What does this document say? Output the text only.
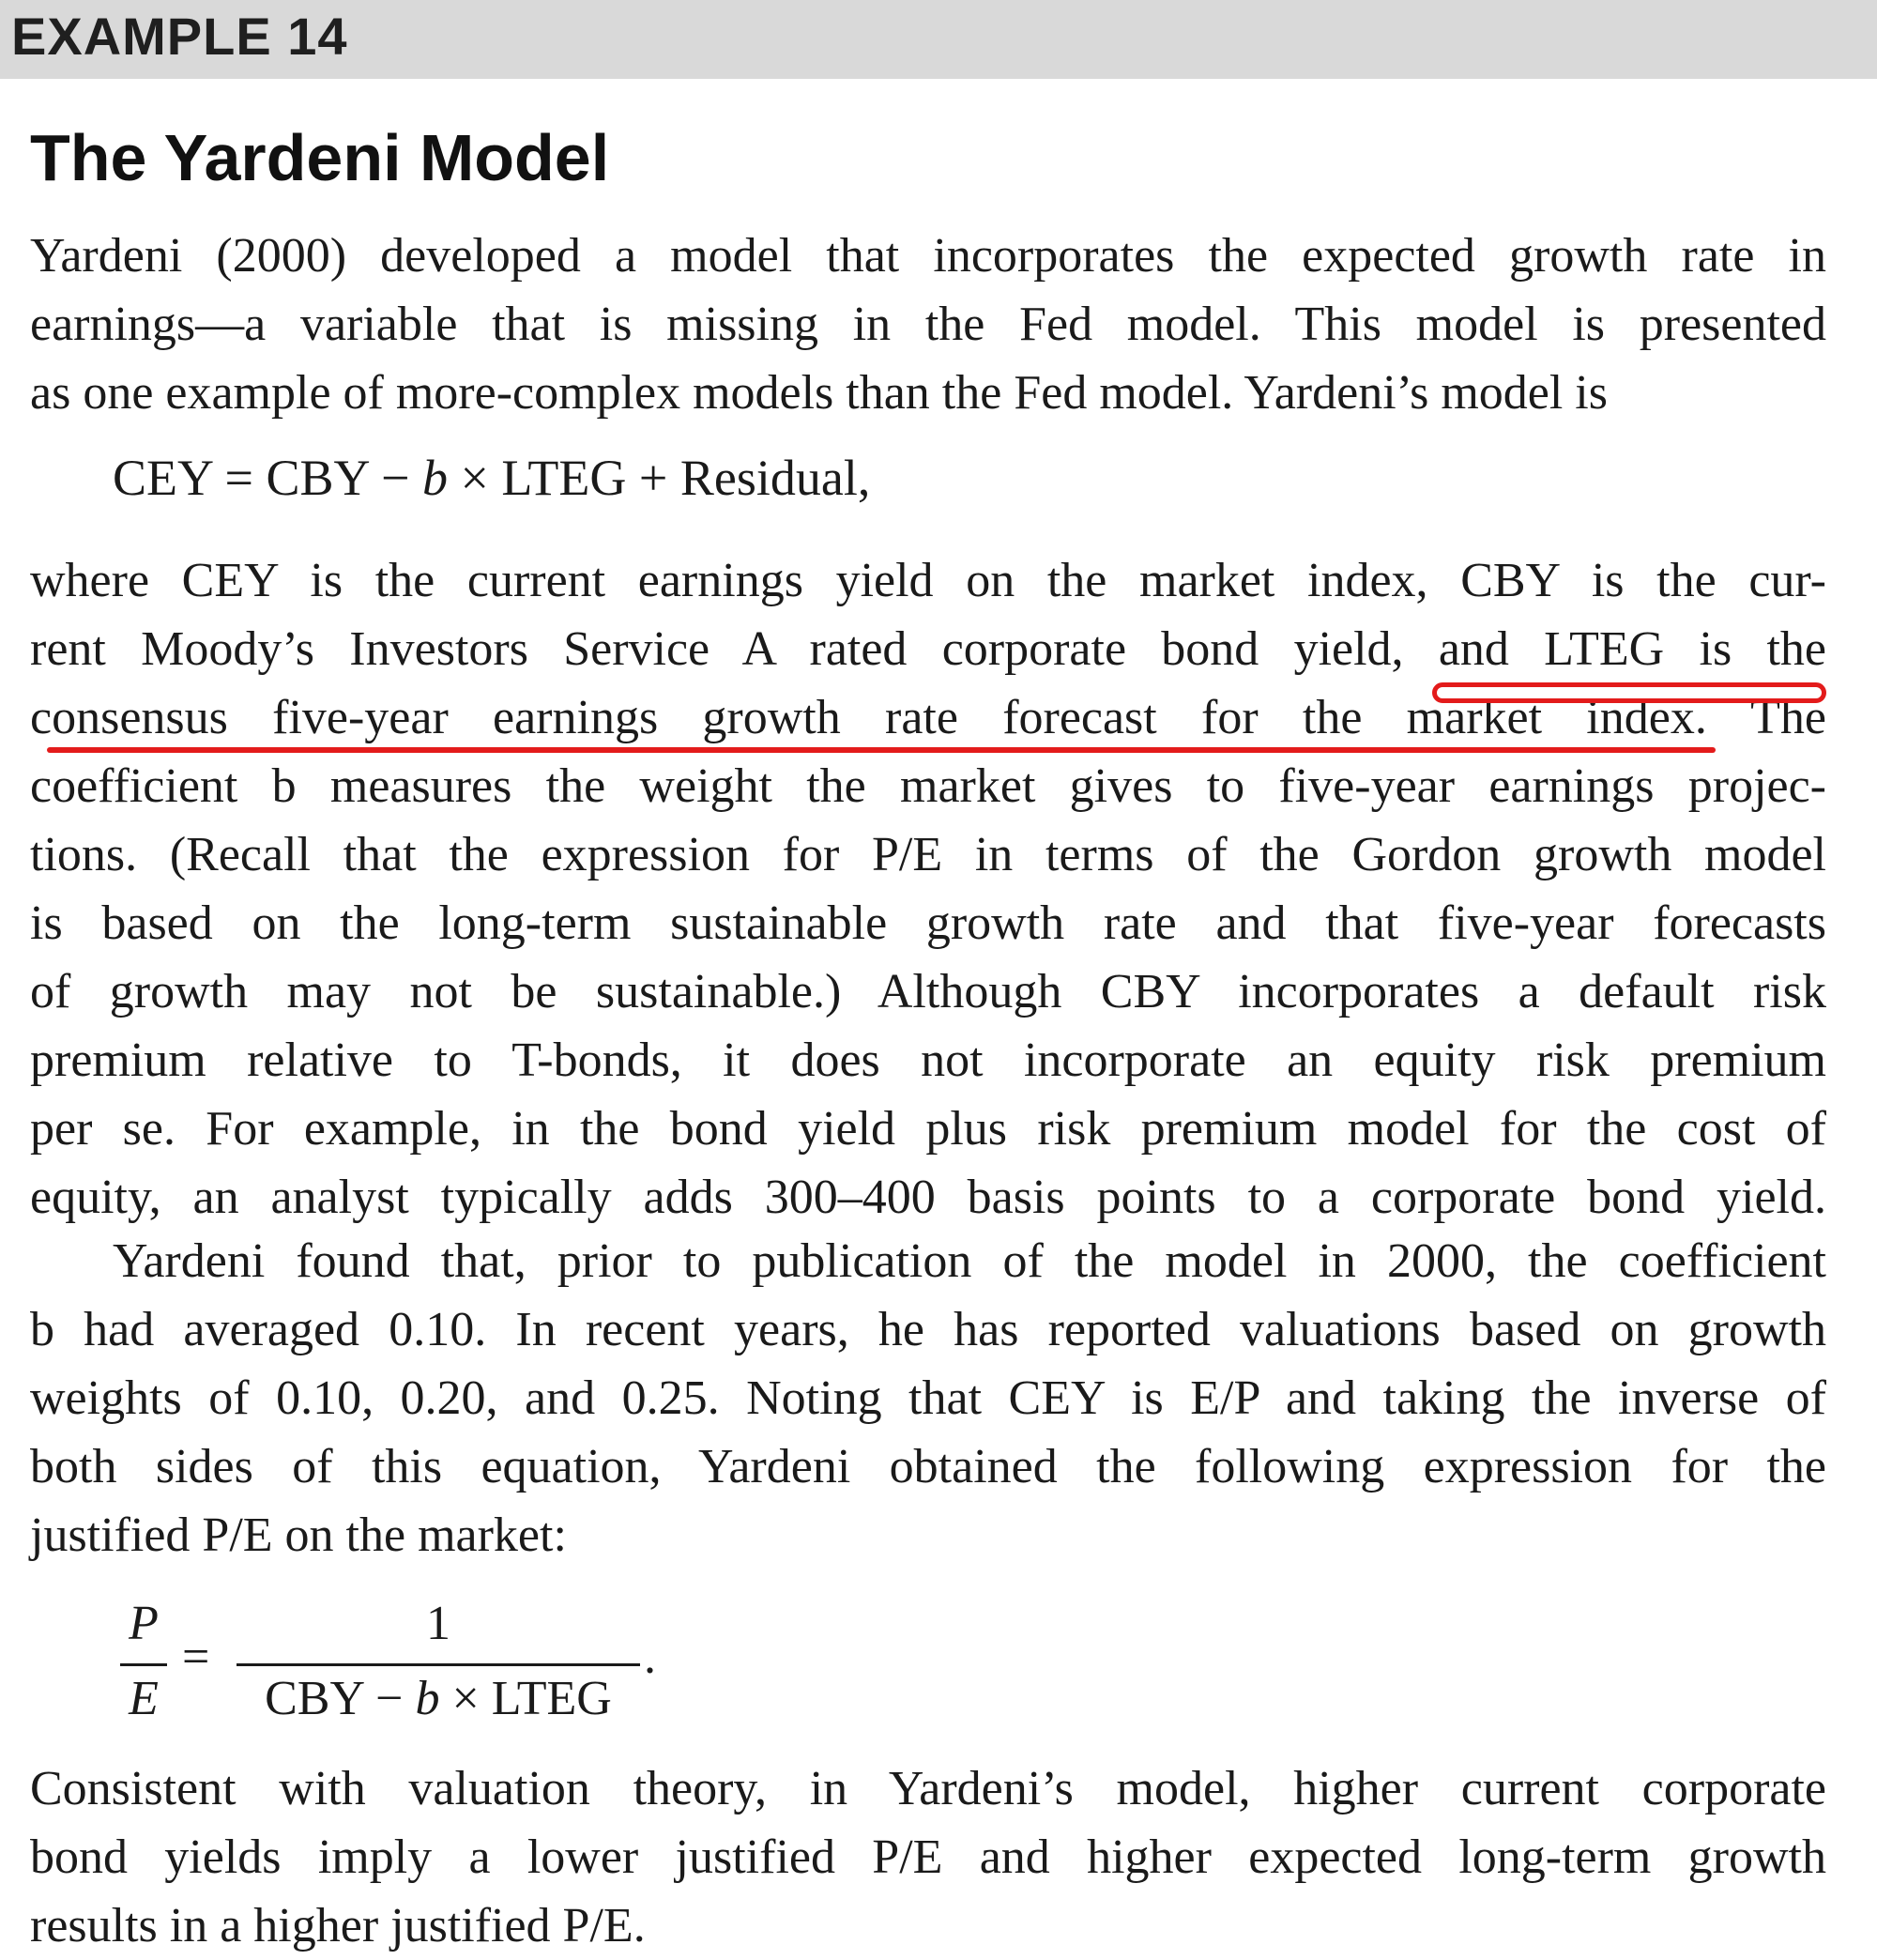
EXAMPLE 14
The Yardeni Model
Yardeni (2000) developed a model that incorporates the expected growth rate in
earnings—a variable that is missing in the Fed model. This model is presented
as one example of more-complex models than the Fed model. Yardeni’s model is
CEY = CBY − b × LTEG + Residual,
where CEY is the current earnings yield on the market index, CBY is the cur-
rent Moody’s Investors Service A rated corporate bond yield, and LTEG is the
consensus five-year earnings growth rate forecast for the market index. The
coefficient b measures the weight the market gives to five-year earnings projec-
tions. (Recall that the expression for P/E in terms of the Gordon growth model
is based on the long-term sustainable growth rate and that five-year forecasts
of growth may not be sustainable.) Although CBY incorporates a default risk
premium relative to T-bonds, it does not incorporate an equity risk premium
per se. For example, in the bond yield plus risk premium model for the cost of
equity, an analyst typically adds 300–400 basis points to a corporate bond yield.
Yardeni found that, prior to publication of the model in 2000, the coefficient
b had averaged 0.10. In recent years, he has reported valuations based on growth
weights of 0.10, 0.20, and 0.25. Noting that CEY is E/P and taking the inverse of
both sides of this equation, Yardeni obtained the following expression for the
justified P/E on the market:
P
E
=
1
CBY − b × LTEG
.
Consistent with valuation theory, in Yardeni’s model, higher current corporate
bond yields imply a lower justified P/E and higher expected long-term growth
results in a higher justified P/E.
